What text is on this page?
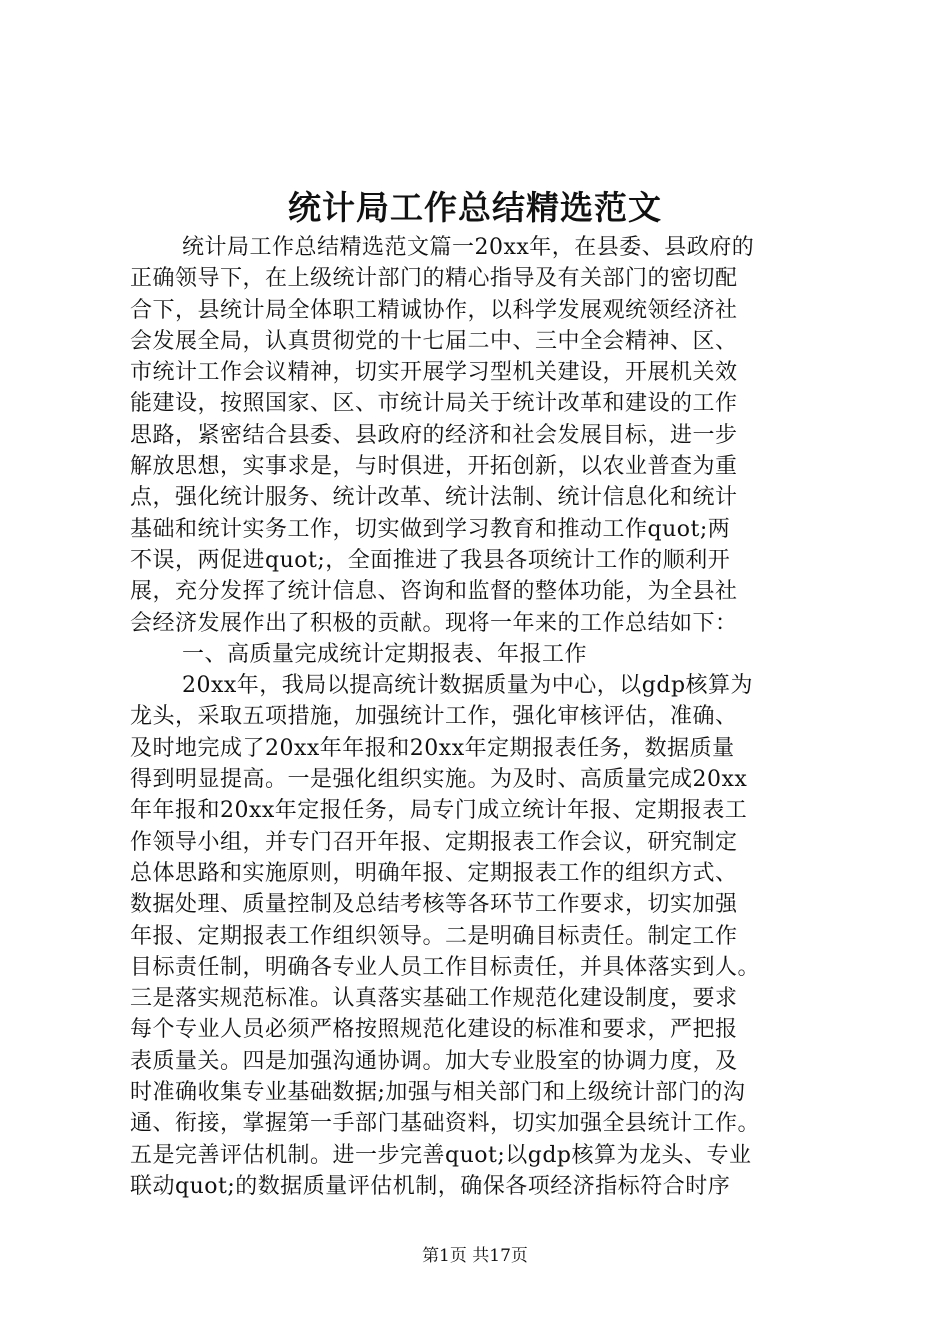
统计局工作总结精选范文
统计局工作总结精选范文篇一20xx年，在县委、县政府的
正确领导下，在上级统计部门的精心指导及有关部门的密切配
合下，县统计局全体职工精诚协作，以科学发展观统领经济社
会发展全局，认真贯彻党的十七届二中、三中全会精神、区、
市统计工作会议精神，切实开展学习型机关建设，开展机关效
能建设，按照国家、区、市统计局关于统计改革和建设的工作
思路，紧密结合县委、县政府的经济和社会发展目标，进一步
解放思想，实事求是，与时俱进，开拓创新，以农业普查为重
点，强化统计服务、统计改革、统计法制、统计信息化和统计
基础和统计实务工作，切实做到学习教育和推动工作quot;两
不误，两促进quot;，全面推进了我县各项统计工作的顺利开
展，充分发挥了统计信息、咨询和监督的整体功能，为全县社
会经济发展作出了积极的贡献。现将一年来的工作总结如下：
一、高质量完成统计定期报表、年报工作
20xx年，我局以提高统计数据质量为中心，以gdp核算为
龙头，采取五项措施，加强统计工作，强化审核评估，准确、
及时地完成了20xx年年报和20xx年定期报表任务，数据质量
得到明显提高。一是强化组织实施。为及时、高质量完成20xx
年年报和20xx年定报任务，局专门成立统计年报、定期报表工
作领导小组，并专门召开年报、定期报表工作会议，研究制定
总体思路和实施原则，明确年报、定期报表工作的组织方式、
数据处理、质量控制及总结考核等各环节工作要求，切实加强
年报、定期报表工作组织领导。二是明确目标责任。制定工作
目标责任制，明确各专业人员工作目标责任，并具体落实到人。
三是落实规范标准。认真落实基础工作规范化建设制度，要求
每个专业人员必须严格按照规范化建设的标准和要求，严把报
表质量关。四是加强沟通协调。加大专业股室的协调力度，及
时准确收集专业基础数据;加强与相关部门和上级统计部门的沟
通、衔接，掌握第一手部门基础资料，切实加强全县统计工作。
五是完善评估机制。进一步完善quot;以gdp核算为龙头、专业
联动quot;的数据质量评估机制，确保各项经济指标符合时序
第1页 共17页
